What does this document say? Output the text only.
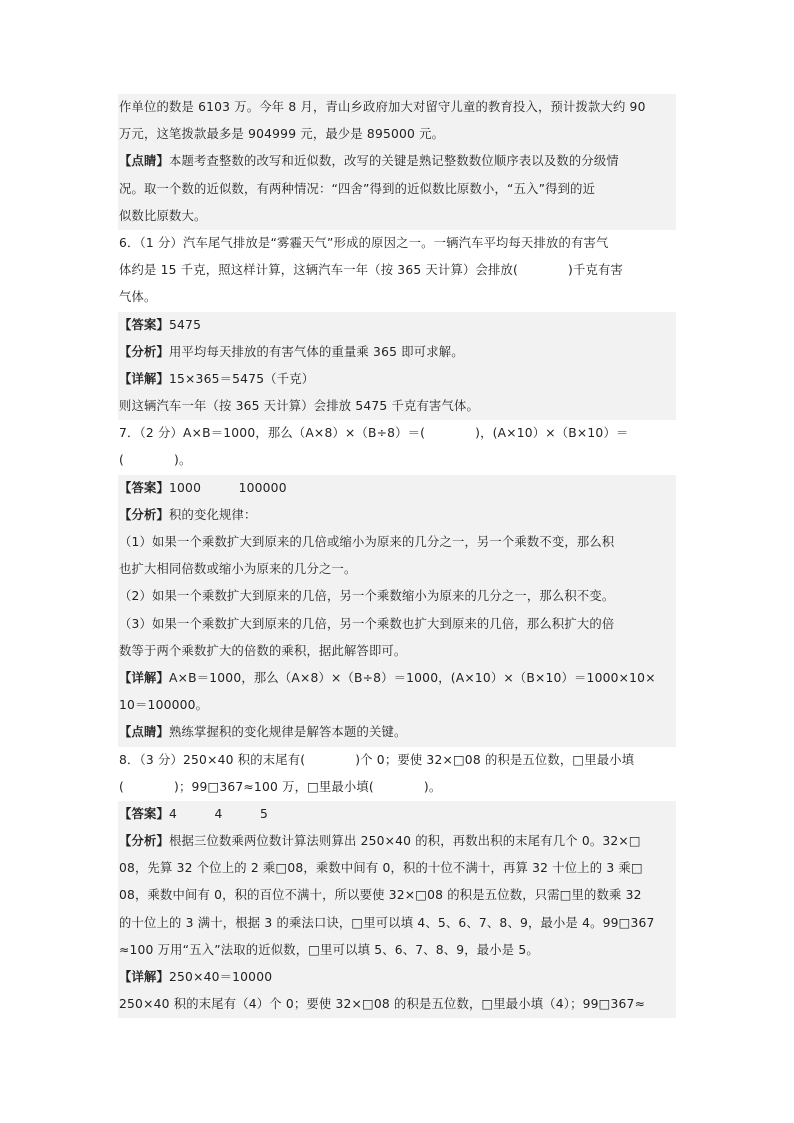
作单位的数是 6103 万。今年 8 月，青山乡政府加大对留守儿童的教育投入，预计拨款大约 90
万元，这笔拨款最多是 904999 元，最少是 895000 元。
【点睛】本题考查整数的改写和近似数，改写的关键是熟记整数数位顺序表以及数的分级情
况。取一个数的近似数，有两种情况：“四舍”得到的近似数比原数小，“五入”得到的近
似数比原数大。
6．（1 分）汽车尾气排放是“雾霾天气”形成的原因之一。一辆汽车平均每天排放的有害气
体约是 15 千克，照这样计算，这辆汽车一年（按 365 天计算）会排放(　　　　)千克有害
气体。
【答案】5475
【分析】用平均每天排放的有害气体的重量乘 365 即可求解。
【详解】15×365＝5475（千克）
则这辆汽车一年（按 365 天计算）会排放 5475 千克有害气体。
7．（2 分）A×B＝1000，那么（A×8）×（B÷8）＝(　　　　)，(A×10）×（B×10）＝
(　　　　)。
【答案】1000　　　100000
【分析】积的变化规律：
（1）如果一个乘数扩大到原来的几倍或缩小为原来的几分之一，另一个乘数不变，那么积
也扩大相同倍数或缩小为原来的几分之一。
（2）如果一个乘数扩大到原来的几倍，另一个乘数缩小为原来的几分之一，那么积不变。
（3）如果一个乘数扩大到原来的几倍，另一个乘数也扩大到原来的几倍，那么积扩大的倍
数等于两个乘数扩大的倍数的乘积，据此解答即可。
【详解】A×B＝1000，那么（A×8）×（B÷8）＝1000，(A×10）×（B×10）＝1000×10×
10＝100000。
【点睛】熟练掌握积的变化规律是解答本题的关键。
8．（3 分）250×40 积的末尾有(　　　　)个 0；要使 32×□08 的积是五位数，□里最小填
(　　　　)；99□367≈100 万，□里最小填(　　　　)。
【答案】4　　　4　　　5
【分析】根据三位数乘两位数计算法则算出 250×40 的积，再数出积的末尾有几个 0。32×□
08，先算 32 个位上的 2 乘□08，乘数中间有 0，积的十位不满十，再算 32 十位上的 3 乘□
08，乘数中间有 0，积的百位不满十，所以要使 32×□08 的积是五位数，只需□里的数乘 32
的十位上的 3 满十，根据 3 的乘法口诀，□里可以填 4、5、6、7、8、9，最小是 4。99□367
≈100 万用“五入”法取的近似数，□里可以填 5、6、7、8、9，最小是 5。
【详解】250×40＝10000
250×40 积的末尾有（4）个 0；要使 32×□08 的积是五位数，□里最小填（4）；99□367≈
